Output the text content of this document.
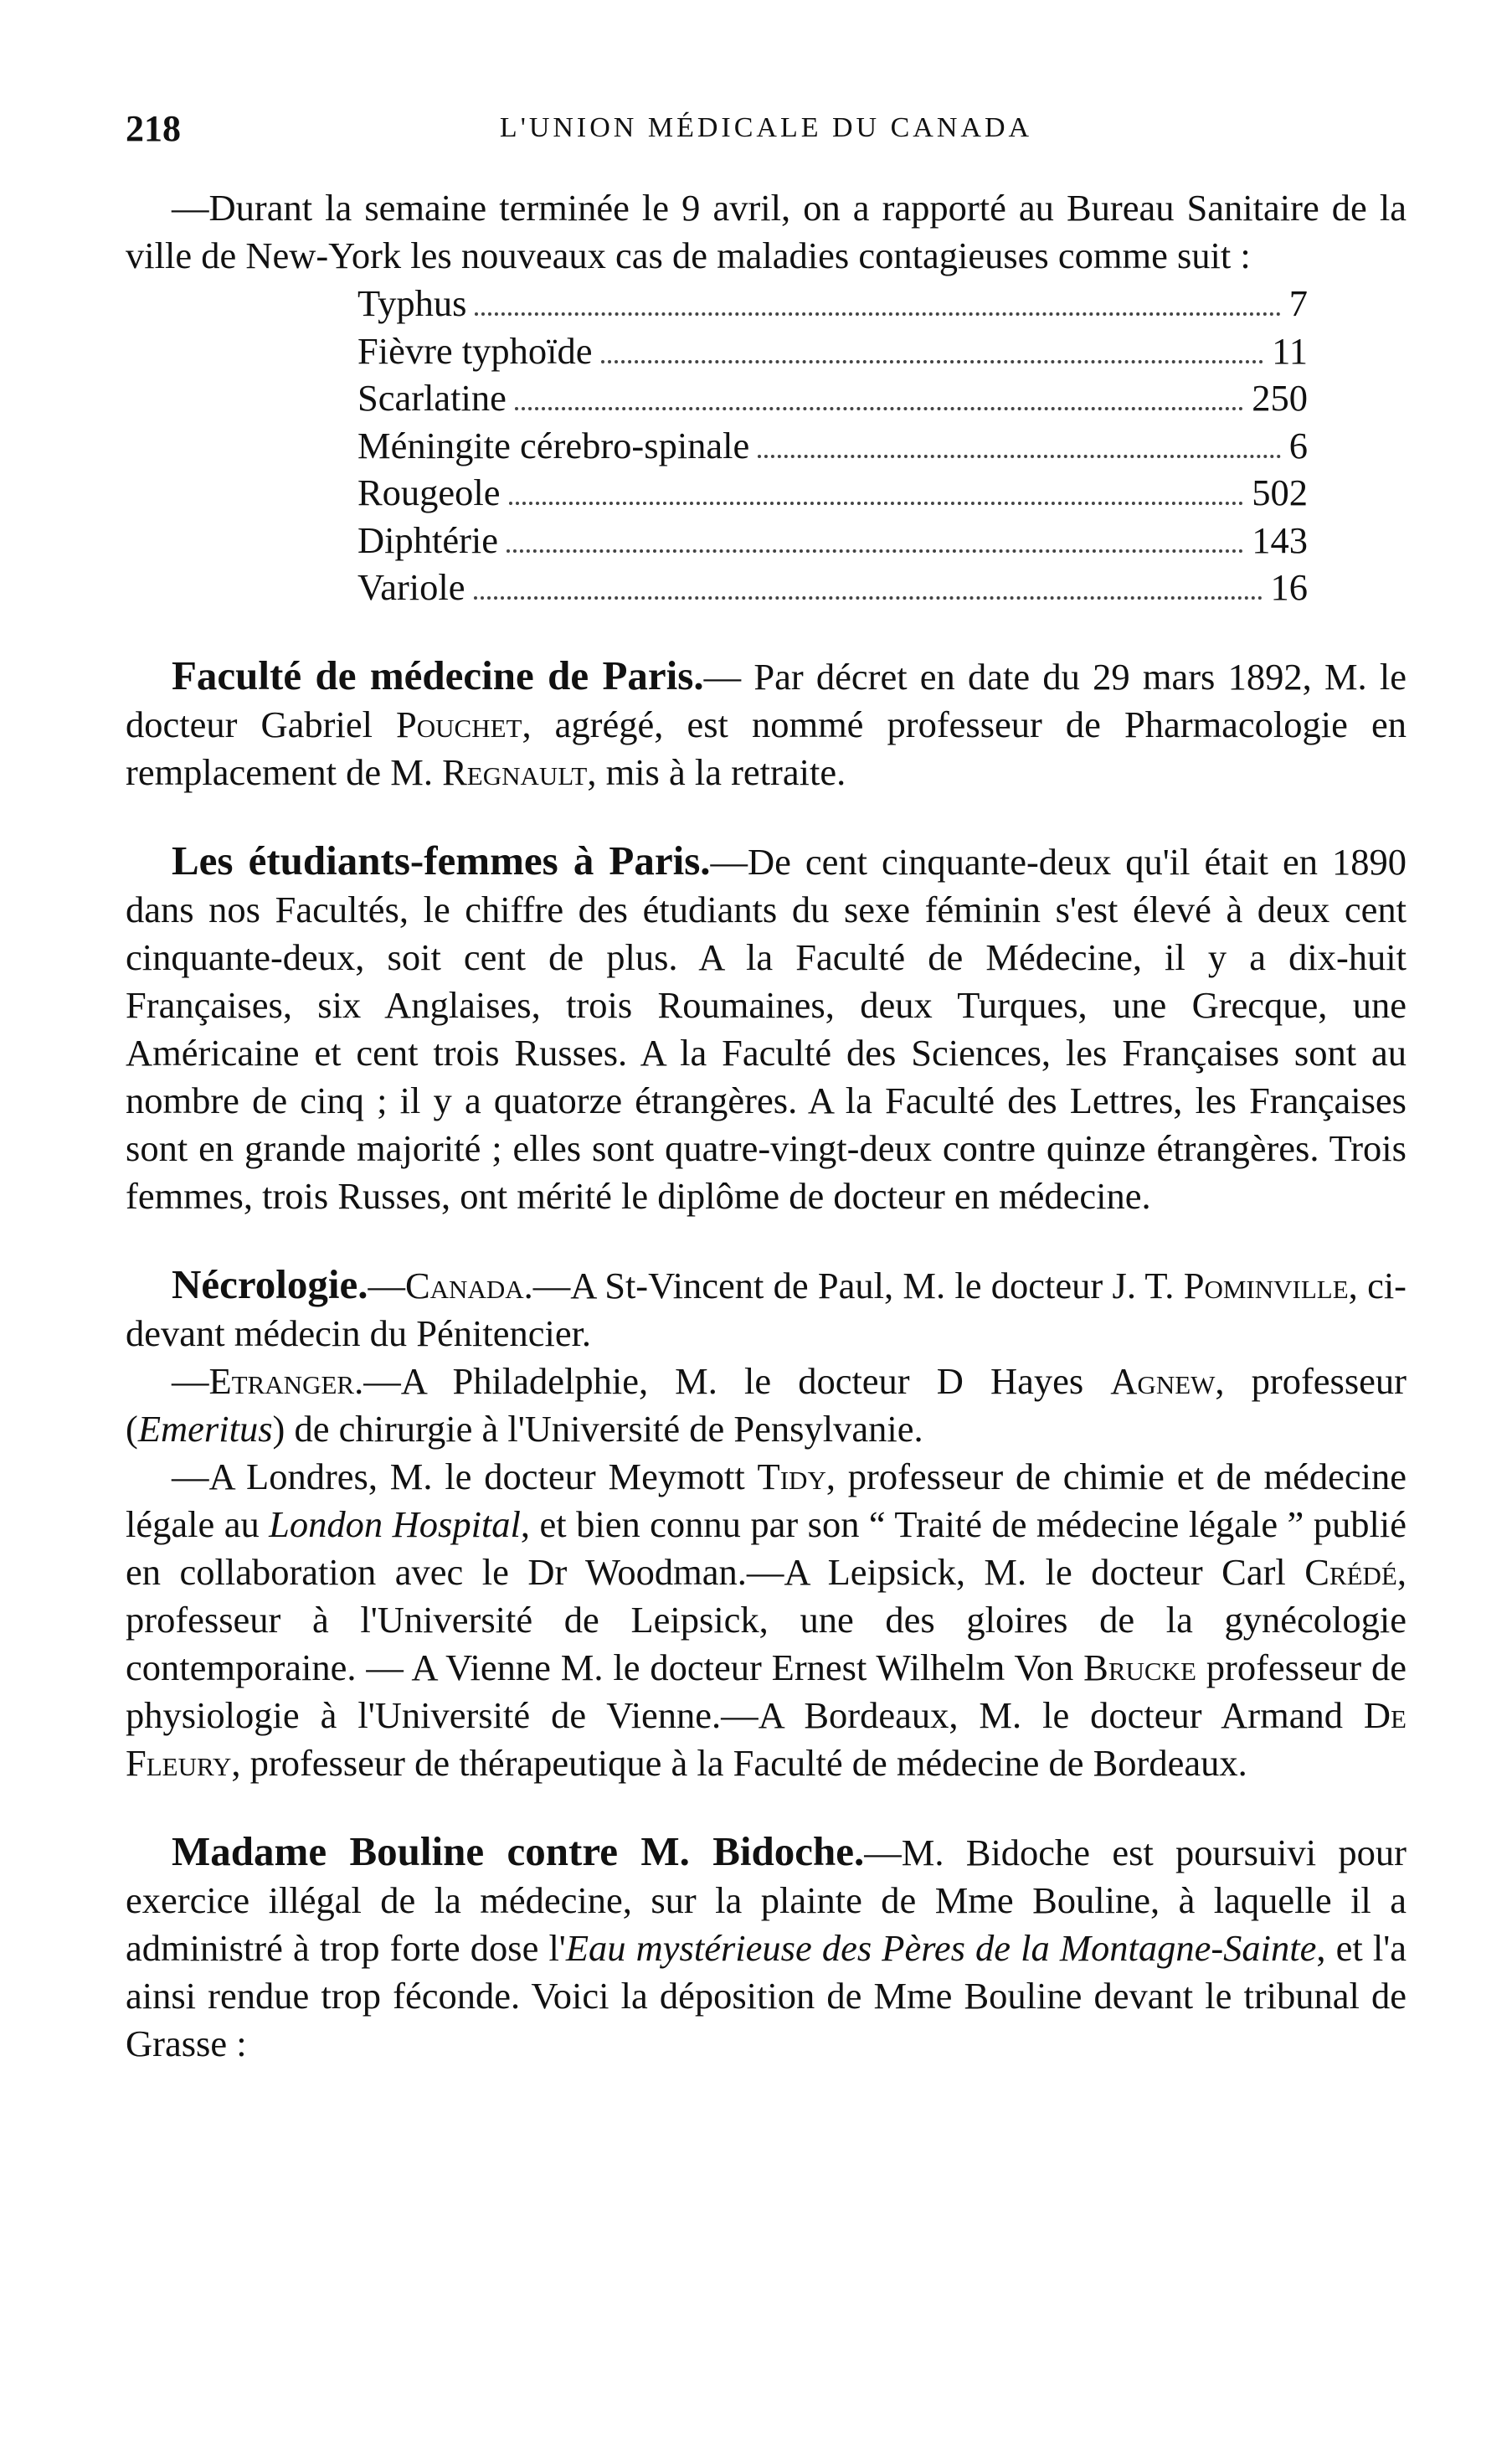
218	L'UNION MÉDICALE DU CANADA

—Durant la semaine terminée le 9 avril, on a rapporté au Bureau Sanitaire de la ville de New-York les nouveaux cas de maladies contagieuses comme suit :

Typhus	7
Fièvre typhoïde	11
Scarlatine	250
Méningite cérebro-spinale	6
Rougeole	502
Diphtérie	143
Variole	16

Faculté de médecine de Paris.— Par décret en date du 29 mars 1892, M. le docteur Gabriel Pouchet, agrégé, est nommé professeur de Pharmacologie en remplacement de M. Regnault, mis à la retraite.

Les étudiants-femmes à Paris.—De cent cinquante-deux qu'il était en 1890 dans nos Facultés, le chiffre des étudiants du sexe féminin s'est élevé à deux cent cinquante-deux, soit cent de plus. A la Faculté de Médecine, il y a dix-huit Françaises, six Anglaises, trois Roumaines, deux Turques, une Grecque, une Américaine et cent trois Russes. A la Faculté des Sciences, les Françaises sont au nombre de cinq ; il y a quatorze étrangères. A la Faculté des Lettres, les Françaises sont en grande majorité ; elles sont quatre-vingt-deux contre quinze étrangères. Trois femmes, trois Russes, ont mérité le diplôme de docteur en médecine.

Nécrologie.—Canada.—A St-Vincent de Paul, M. le docteur J. T. Pominville, ci-devant médecin du Pénitencier.

—Etranger.—A Philadelphie, M. le docteur D Hayes Agnew, professeur (Emeritus) de chirurgie à l'Université de Pensylvanie.

—A Londres, M. le docteur Meymott Tidy, professeur de chimie et de médecine légale au London Hospital, et bien connu par son “ Traité de médecine légale ” publié en collaboration avec le Dr Woodman.—A Leipsick, M. le docteur Carl Crédé, professeur à l'Université de Leipsick, une des gloires de la gynécologie contemporaine. — A Vienne M. le docteur Ernest Wilhelm Von Brucke professeur de physiologie à l'Université de Vienne.—A Bordeaux, M. le docteur Armand De Fleury, professeur de thérapeutique à la Faculté de médecine de Bordeaux.

Madame Bouline contre M. Bidoche.—M. Bidoche est poursuivi pour exercice illégal de la médecine, sur la plainte de Mme Bouline, à laquelle il a administré à trop forte dose l'Eau mystérieuse des Pères de la Montagne-Sainte, et l'a ainsi rendue trop féconde. Voici la déposition de Mme Bouline devant le tribunal de Grasse :
